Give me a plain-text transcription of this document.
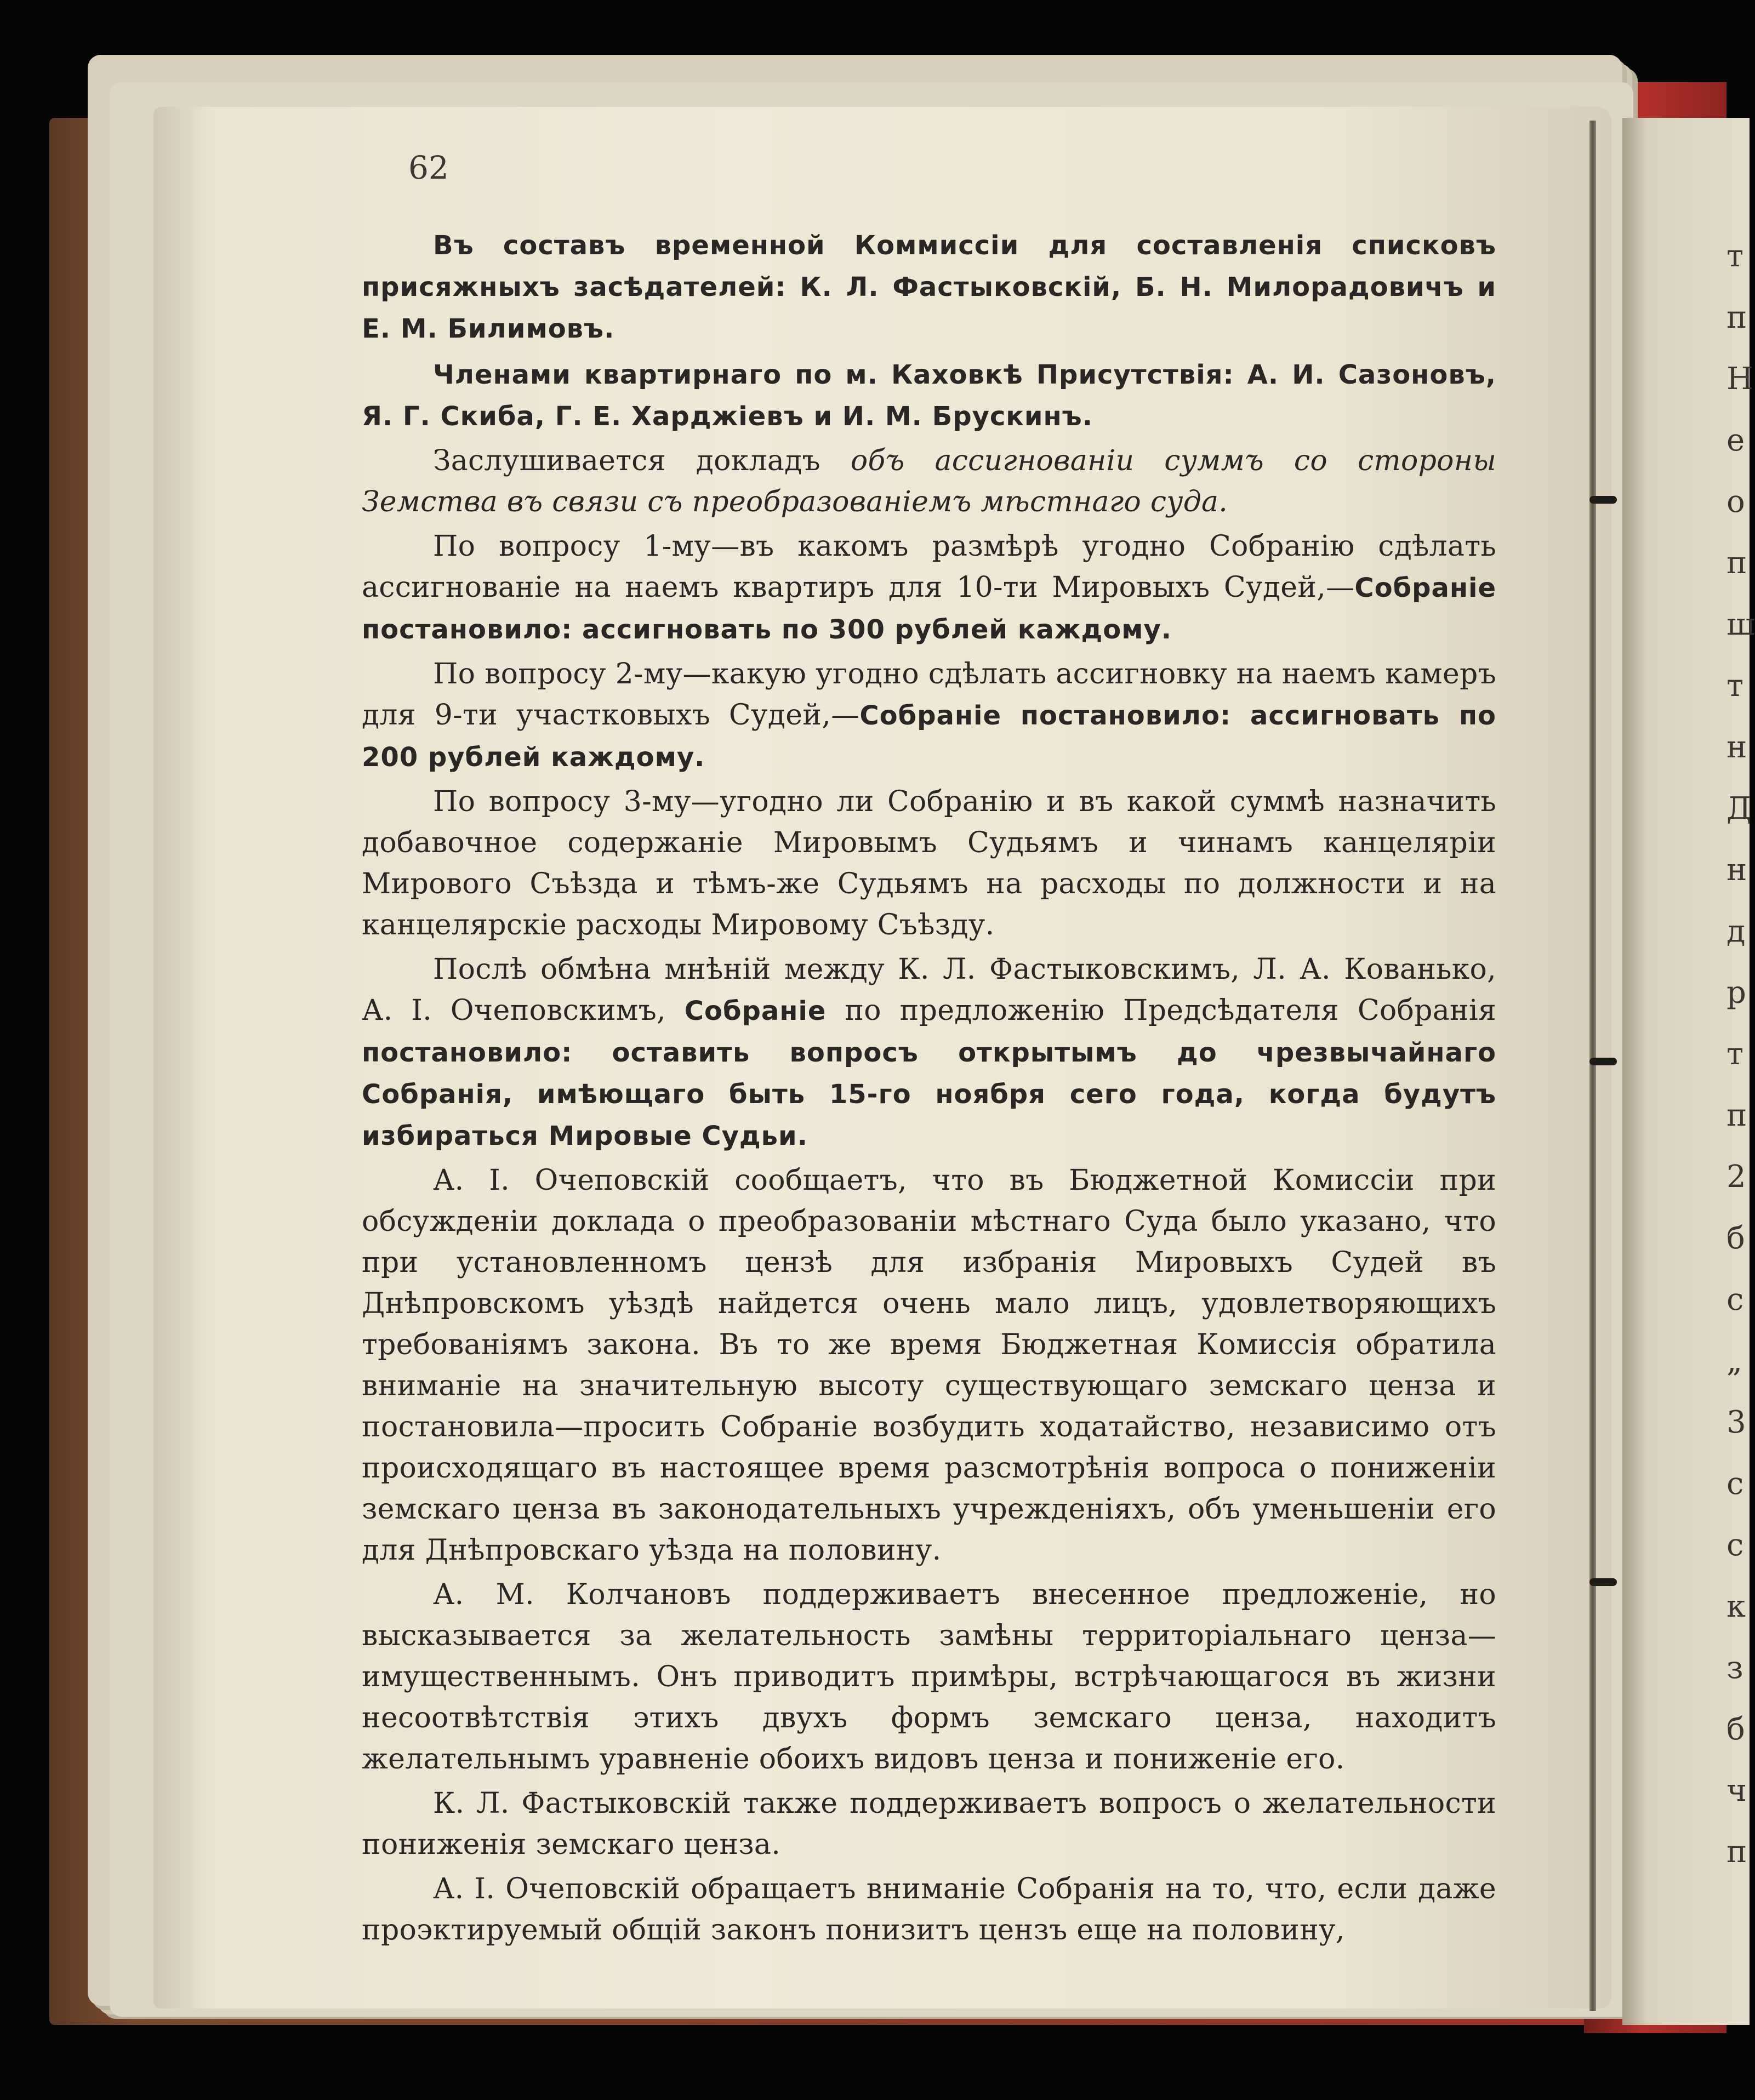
т
п
Н
е
о
п
ш
т
н
Д
н
д
р
т
п
2
б
с
„
3
с
с
к
з
б
ч
п
62

Въ составъ временной Коммиссіи для составленія списковъ присяжныхъ засѣдателей: К. Л. Фастыковскій, Б. Н. Милорадовичъ и Е. М. Билимовъ.

Членами квартирнаго по м. Каховкѣ Присутствія: А. И. Сазоновъ, Я. Г. Скиба, Г. Е. Харджіевъ и И. М. Брускинъ.

Заслушивается докладъ объ ассигнованіи суммъ со стороны Земства въ связи съ преобразованіемъ мѣстнаго суда.

По вопросу 1-му—въ какомъ размѣрѣ угодно Собранію сдѣлать ассигнованіе на наемъ квартиръ для 10-ти Мировыхъ Судей,—Собраніе постановило: ассигновать по 300 рублей каждому.

По вопросу 2-му—какую угодно сдѣлать ассигновку на наемъ камеръ для 9-ти участковыхъ Судей,—Собраніе постановило: ассигновать по 200 рублей каждому.

По вопросу 3-му—угодно ли Собранію и въ какой суммѣ назначить добавочное содержаніе Мировымъ Судьямъ и чинамъ канцеляріи Мирового Съѣзда и тѣмъ-же Судьямъ на расходы по должности и на канцелярскіе расходы Мировому Съѣзду.

Послѣ обмѣна мнѣній между К. Л. Фастыковскимъ, Л. А. Кованько, А. І. Очеповскимъ, Собраніе по предложенію Предсѣдателя Собранія постановило: оставить вопросъ открытымъ до чрезвычайнаго Собранія, имѣющаго быть 15-го ноября сего года, когда будутъ избираться Мировые Судьи.

А. І. Очеповскій сообщаетъ, что въ Бюджетной Комиссіи при обсужденіи доклада о преобразованіи мѣстнаго Суда было указано, что при установленномъ цензѣ для избранія Мировыхъ Судей въ Днѣпровскомъ уѣздѣ найдется очень мало лицъ, удовлетворяющихъ требованіямъ закона. Въ то же время Бюджетная Комиссія обратила вниманіе на значительную высоту существующаго земскаго ценза и постановила—просить Собраніе возбудить ходатайство, независимо отъ происходящаго въ настоящее время разсмотрѣнія вопроса о пониженіи земскаго ценза въ законодательныхъ учрежденіяхъ, объ уменьшеніи его для Днѣпровскаго уѣзда на половину.

А. М. Колчановъ поддерживаетъ внесенное предложеніе, но высказывается за желательность замѣны территоріальнаго ценза—имущественнымъ. Онъ приводитъ примѣры, встрѣчающагося въ жизни несоотвѣтствія этихъ двухъ формъ земскаго ценза, находитъ желательнымъ уравненіе обоихъ видовъ ценза и пониженіе его.

К. Л. Фастыковскій также поддерживаетъ вопросъ о желательности пониженія земскаго ценза.

А. І. Очеповскій обращаетъ вниманіе Собранія на то, что, если даже проэктируемый общій законъ понизитъ цензъ еще на половину,
